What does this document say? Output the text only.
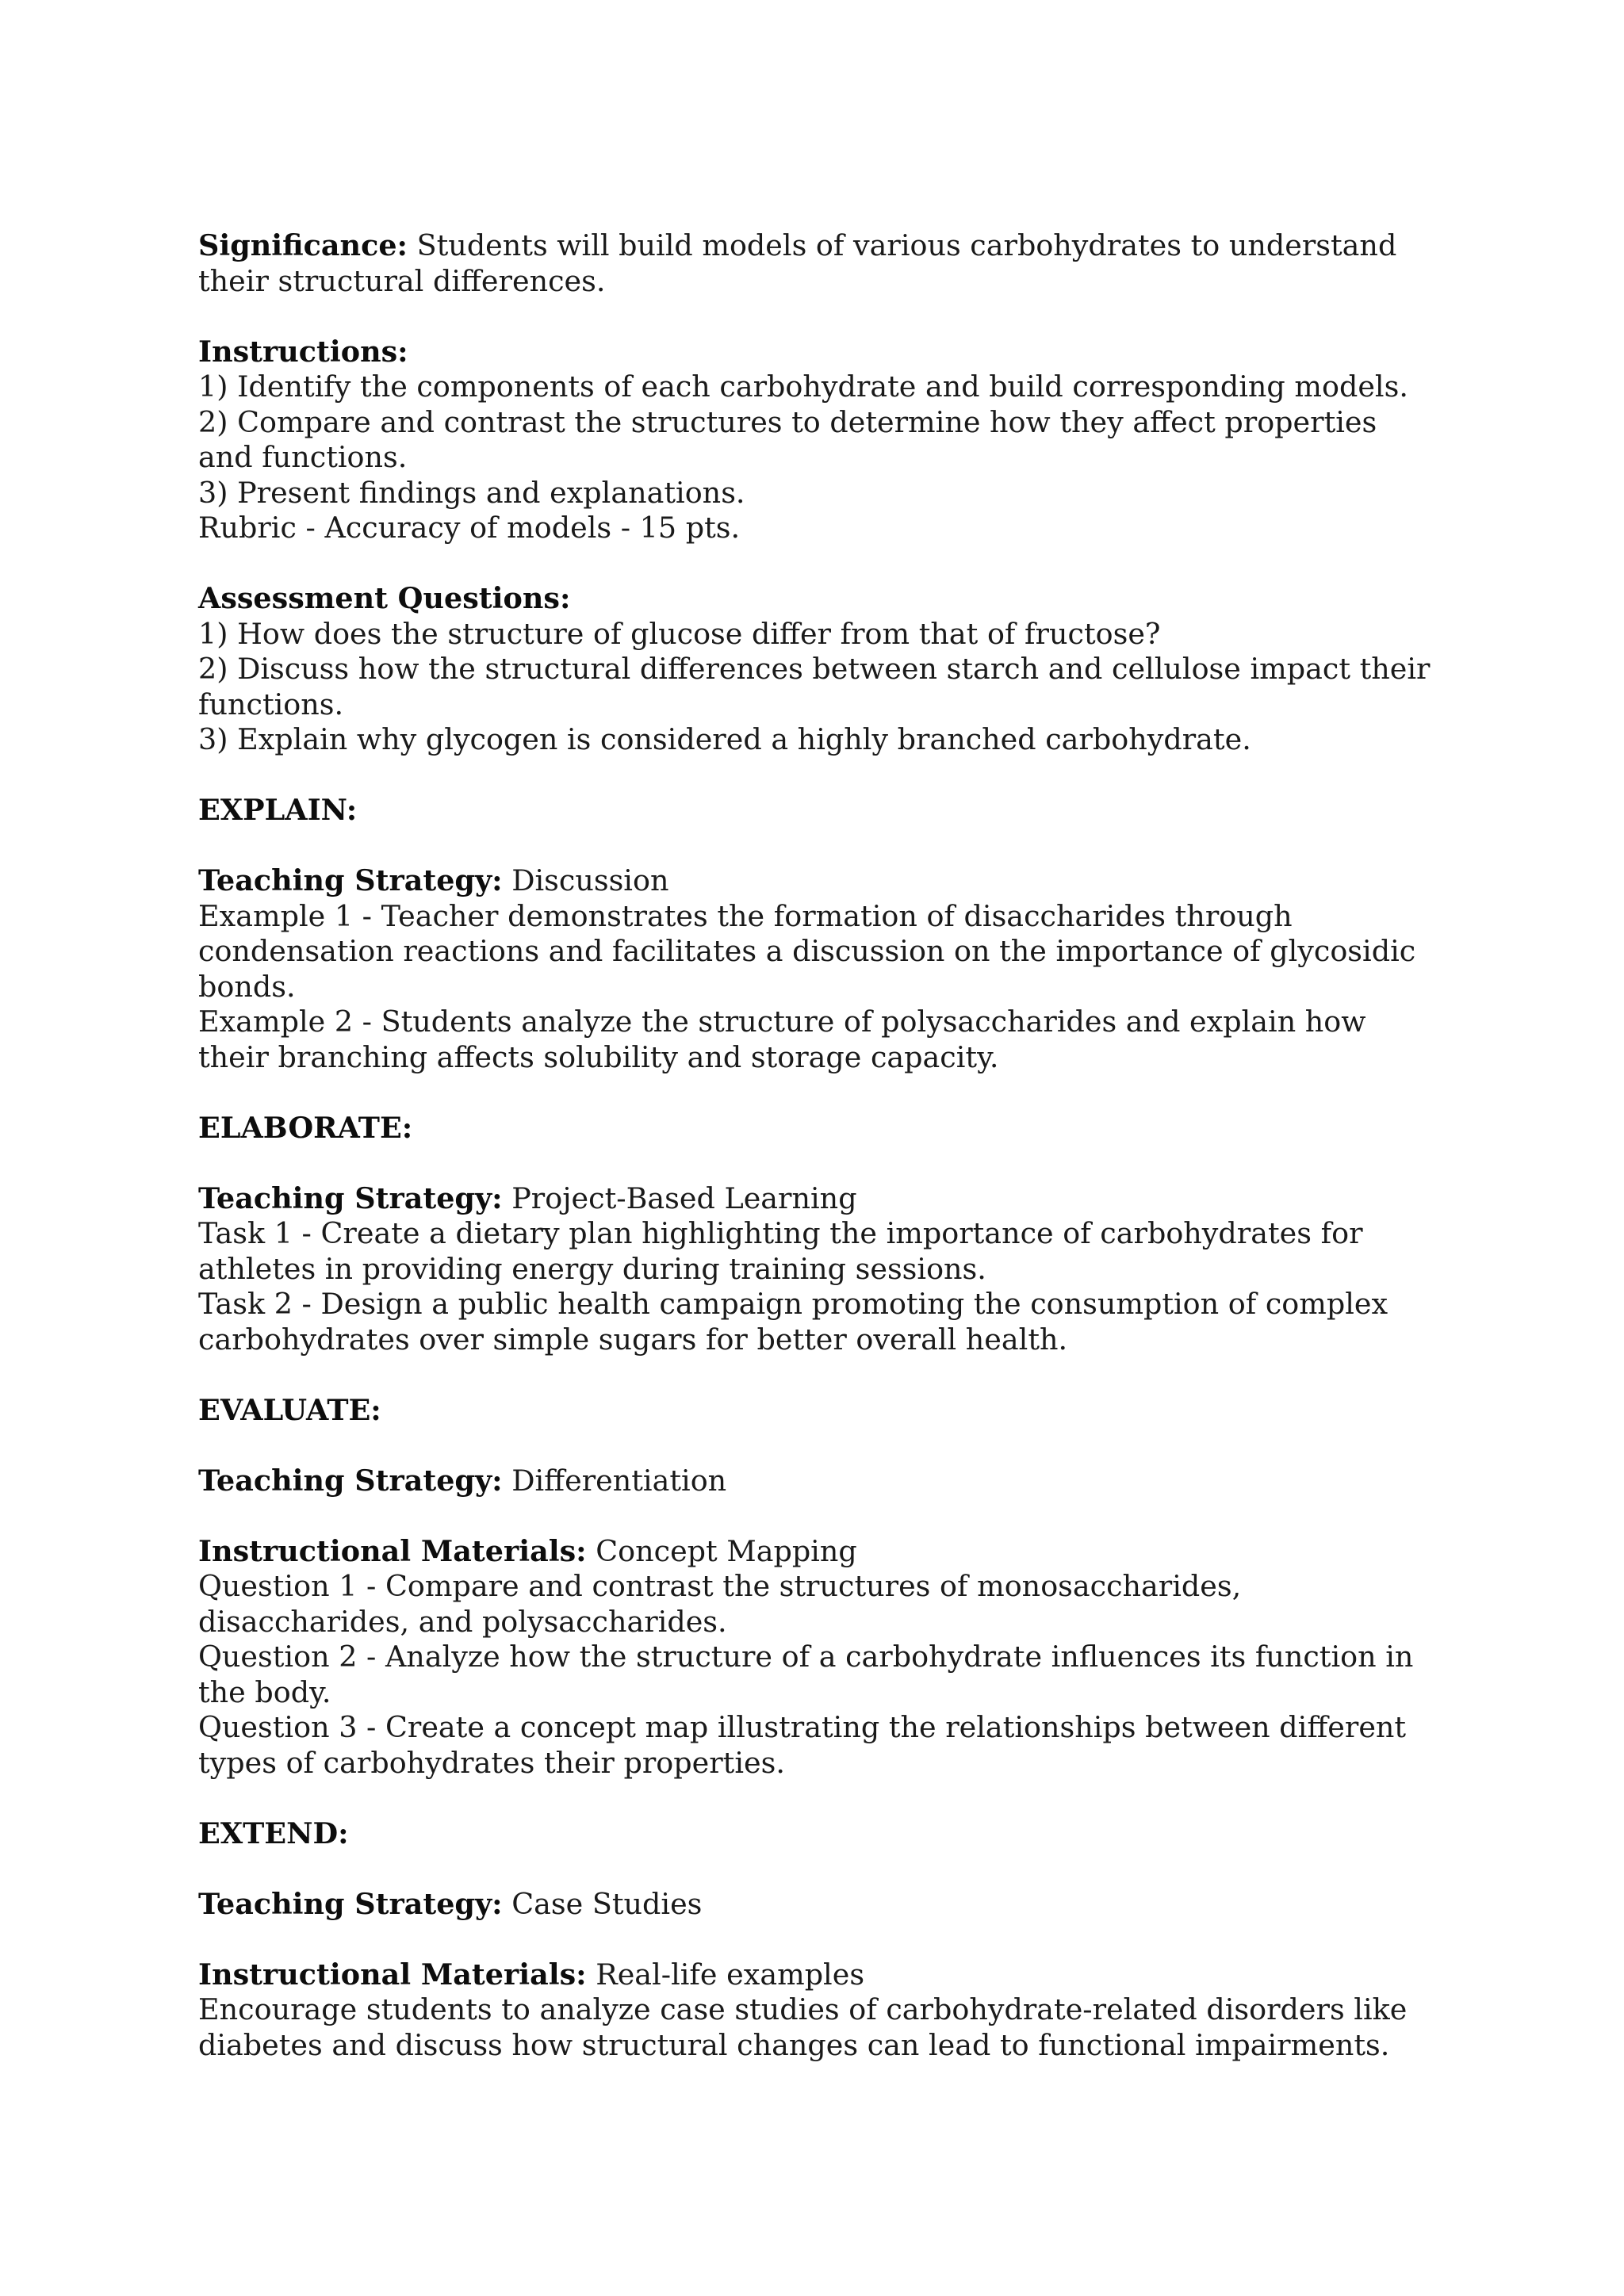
Significance: Students will build models of various carbohydrates to understand

their structural differences.

Instructions:

1) Identify the components of each carbohydrate and build corresponding models.

2) Compare and contrast the structures to determine how they affect properties

and functions.

3) Present findings and explanations.

Rubric - Accuracy of models - 15 pts.

Assessment Questions:

1) How does the structure of glucose differ from that of fructose?

2) Discuss how the structural differences between starch and cellulose impact their

functions.

3) Explain why glycogen is considered a highly branched carbohydrate.

EXPLAIN:

Teaching Strategy: Discussion

Example 1 - Teacher demonstrates the formation of disaccharides through

condensation reactions and facilitates a discussion on the importance of glycosidic

bonds.

Example 2 - Students analyze the structure of polysaccharides and explain how

their branching affects solubility and storage capacity.

ELABORATE:

Teaching Strategy: Project-Based Learning

Task 1 - Create a dietary plan highlighting the importance of carbohydrates for

athletes in providing energy during training sessions.

Task 2 - Design a public health campaign promoting the consumption of complex

carbohydrates over simple sugars for better overall health.

EVALUATE:

Teaching Strategy: Differentiation

Instructional Materials: Concept Mapping

Question 1 - Compare and contrast the structures of monosaccharides,

disaccharides, and polysaccharides.

Question 2 - Analyze how the structure of a carbohydrate influences its function in

the body.

Question 3 - Create a concept map illustrating the relationships between different

types of carbohydrates their properties.

EXTEND:

Teaching Strategy: Case Studies

Instructional Materials: Real-life examples

Encourage students to analyze case studies of carbohydrate-related disorders like

diabetes and discuss how structural changes can lead to functional impairments.
